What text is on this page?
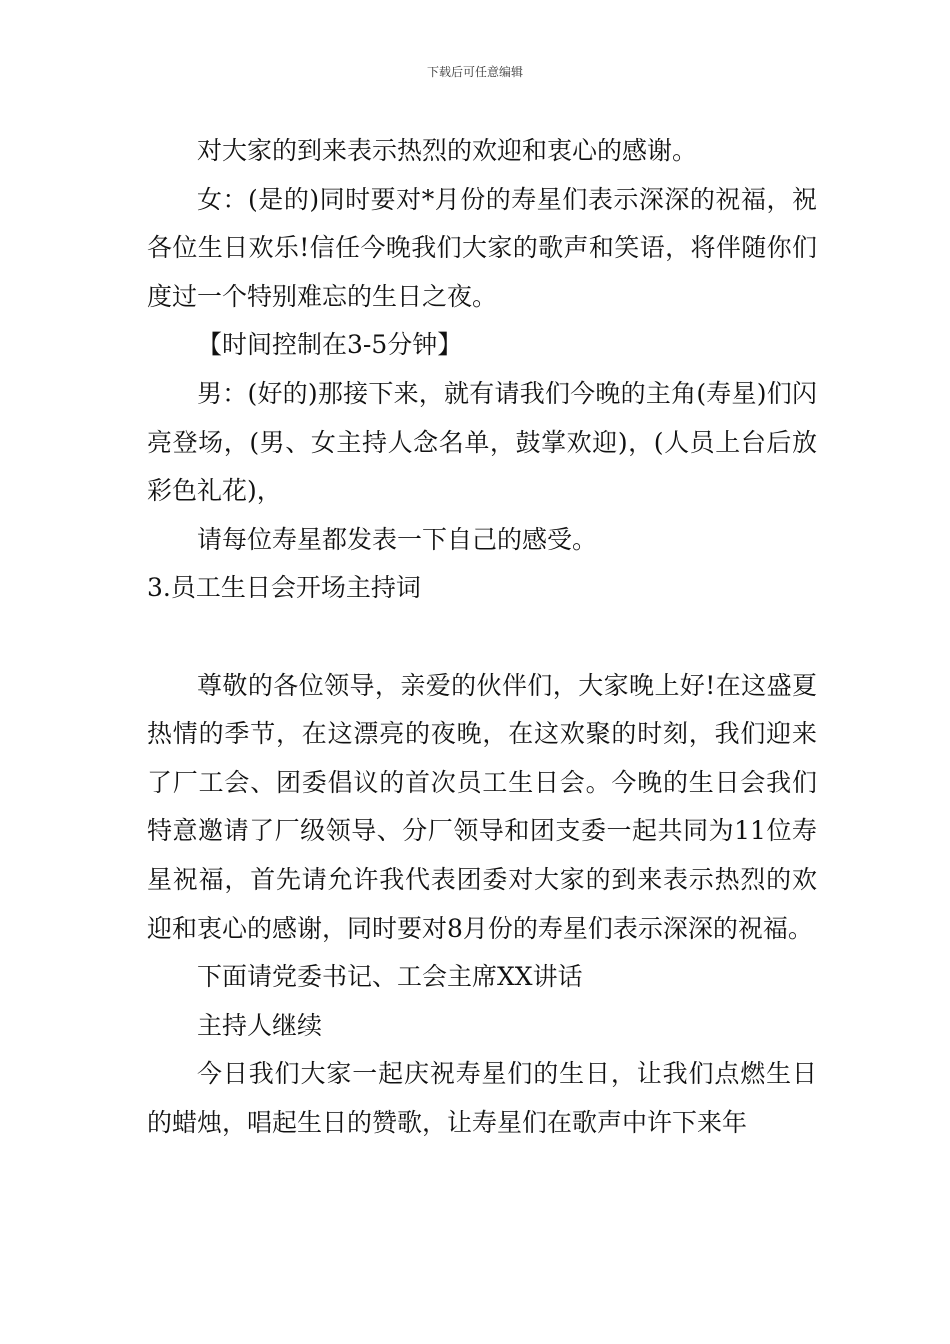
下载后可任意编辑

对大家的到来表示热烈的欢迎和衷心的感谢。

女：(是的)同时要对*月份的寿星们表示深深的祝福，祝各位生日欢乐!信任今晚我们大家的歌声和笑语，将伴随你们度过一个特别难忘的生日之夜。

【时间控制在3-5分钟】

男：(好的)那接下来，就有请我们今晚的主角(寿星)们闪亮登场，(男、女主持人念名单，鼓掌欢迎)，(人员上台后放彩色礼花)，

请每位寿星都发表一下自己的感受。

3.员工生日会开场主持词

尊敬的各位领导，亲爱的伙伴们，大家晚上好!在这盛夏热情的季节，在这漂亮的夜晚，在这欢聚的时刻，我们迎来了厂工会、团委倡议的首次员工生日会。今晚的生日会我们特意邀请了厂级领导、分厂领导和团支委一起共同为11位寿星祝福，首先请允许我代表团委对大家的到来表示热烈的欢迎和衷心的感谢，同时要对8月份的寿星们表示深深的祝福。

下面请党委书记、工会主席XX讲话

主持人继续

今日我们大家一起庆祝寿星们的生日，让我们点燃生日的蜡烛，唱起生日的赞歌，让寿星们在歌声中许下来年
